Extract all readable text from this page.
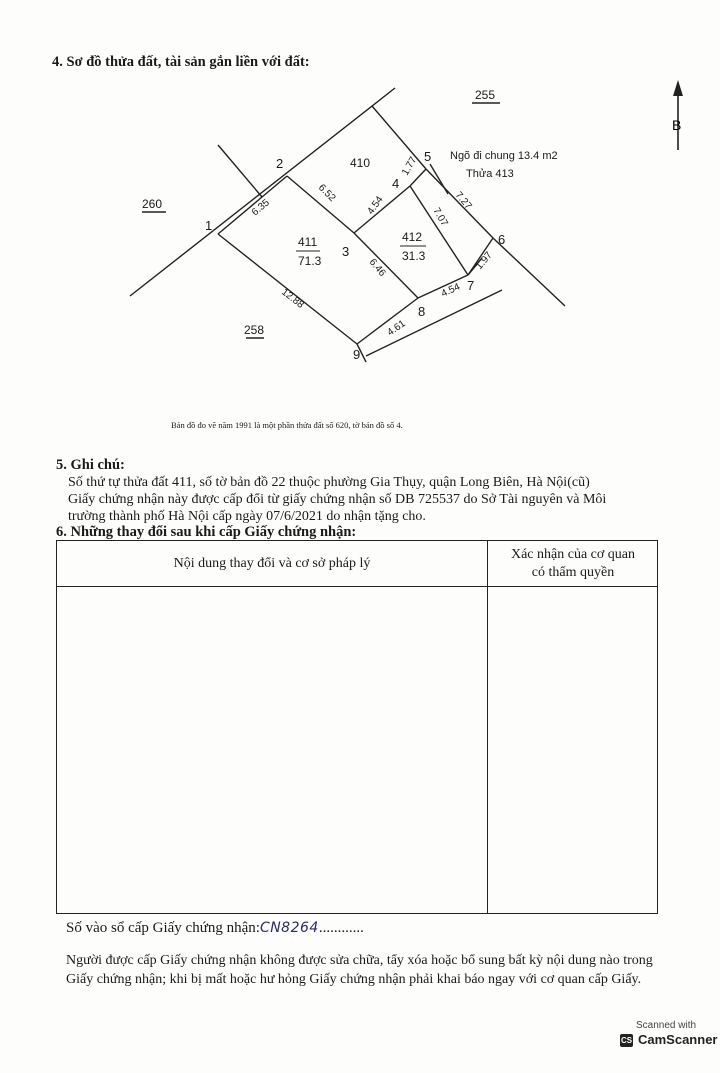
4. Sơ đồ thửa đất, tài sản gắn liền với đất:
B
255
260
258
410
411
71.3
412
31.3
Ngõ đi chung 13.4 m2
Thửa 413
1
2
3
4
5
6
7
8
9
6.35
6.52
4.54
1.77
7.27
7.07
1.97
4.54
6.46
4.61
12.88
Bản đồ đo vẽ năm 1991 là một phần thửa đất số 620, tờ bản đồ số 4.
5. Ghi chú:
Số thứ tự thửa đất 411, số tờ bản đồ 22 thuộc phường Gia Thụy, quận Long Biên, Hà Nội(cũ)
Giấy chứng nhận này được cấp đổi từ giấy chứng nhận số DB 725537 do Sở Tài nguyên và Môi
trường thành phố Hà Nội cấp ngày 07/6/2021 do nhận tặng cho.
6. Những thay đổi sau khi cấp Giấy chứng nhận:
Nội dung thay đổi và cơ sở pháp lý
Xác nhận của cơ quan
có thẩm quyền
Số vào sổ cấp Giấy chứng nhận:CN8264............
Người được cấp Giấy chứng nhận không được sửa chữa, tẩy xóa hoặc bổ sung bất kỳ nội dung nào trong
Giấy chứng nhận; khi bị mất hoặc hư hỏng Giấy chứng nhận phải khai báo ngay với cơ quan cấp Giấy.
Scanned with
CS CamScanner
